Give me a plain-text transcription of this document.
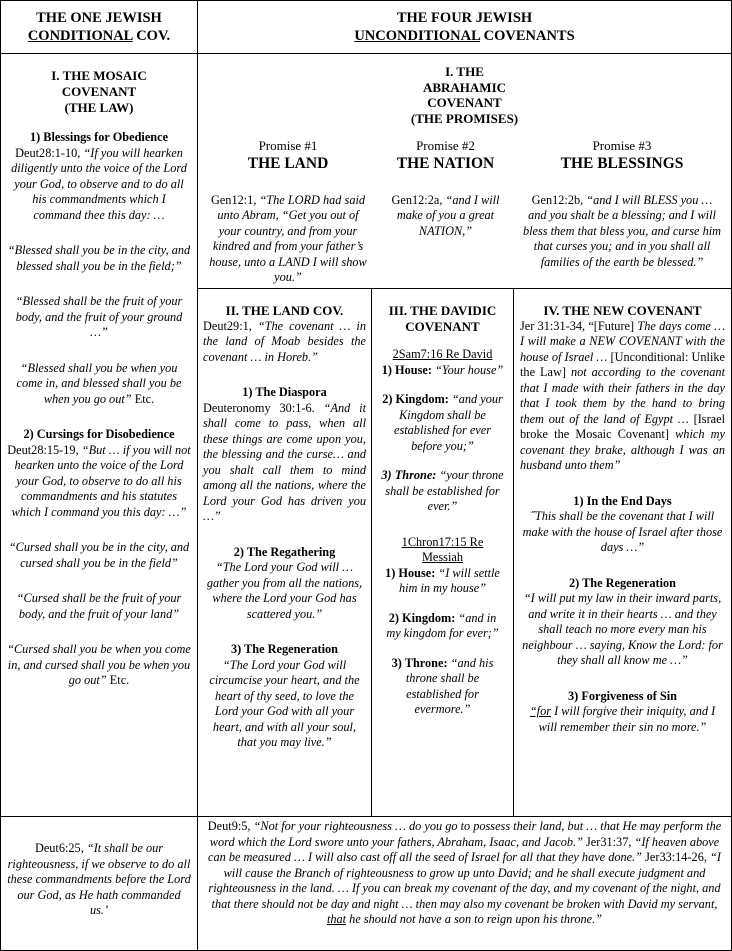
THE ONE JEWISH
CONDITIONAL COV.
THE FOUR JEWISH
UNCONDITIONAL COVENANTS
I. THE MOSAIC
COVENANT
(THE LAW)
1) Blessings for Obedience
Deut28:1-10, “If you will hearken diligently unto the voice of the Lord your God, to observe and to do all his commandments which I command thee this day: …
“Blessed shall you be in the city, and blessed shall you be in the field;”
“Blessed shall be the fruit of your body, and the fruit of your ground …”
“Blessed shall you be when you come in, and blessed shall you be when you go out” Etc.
2) Cursings for Disobedience
Deut28:15-19, “But … if you will not hearken unto the voice of the Lord your God, to observe to do all his commandments and his statutes which I command you this day: …”
“Cursed shall you be in the city, and cursed shall you be in the field”
“Cursed shall be the fruit of your body, and the fruit of your land”
“Cursed shall you be when you come in, and cursed shall you be when you go out” Etc.
I. THE
ABRAHAMIC
COVENANT
(THE PROMISES)
Promise #1
THE LAND
Gen12:1, “The LORD had said unto Abram, “Get you out of your country, and from your kindred and from your father’s house, unto a LAND I will show you.”
Promise #2
THE NATION
Gen12:2a, “and I will make of you a great NATION,”
Promise #3
THE BLESSINGS
Gen12:2b, “and I will BLESS you … and you shalt be a blessing; and I will bless them that bless you, and curse him that curses you; and in you shall all families of the earth be blessed.”
II. THE LAND COV.
Deut29:1, “The covenant … in the land of Moab besides the covenant … in Horeb.”
1) The Diaspora
Deuteronomy 30:1-6. “And it shall come to pass, when all these things are come upon you, the blessing and the curse… and you shalt call them to mind among all the nations, where the Lord your God has driven you …”
2) The Regathering
“The Lord your God will … gather you from all the nations, where the Lord your God has scattered you.”
3) The Regeneration
“The Lord your God will circumcise your heart, and the heart of thy seed, to love the Lord your God with all your heart, and with all your soul, that you may live.”
III. THE DAVIDIC
COVENANT
2Sam7:16 Re David
1) House: “Your house”
2) Kingdom: “and your Kingdom shall be established for ever before you;”
3) Throne: “your throne shall be established for ever.”
1Chron17:15 Re Messiah
1) House: “I will settle him in my house”
2) Kingdom: “and in my kingdom for ever;”
3) Throne: “and his throne shall be established for evermore.”
IV. THE NEW COVENANT
Jer 31:31-34, “[Future] The days come … I will make a NEW COVENANT with the house of Israel … [Unconditional: Unlike the Law] not according to the covenant that I made with their fathers in the day that I took them by the hand to bring them out of the land of Egypt … [Israel broke the Mosaic Covenant] which my covenant they brake, although I was an husband unto them”
1) In the End Days
˝This shall be the covenant that I will make with the house of Israel after those days …”
2) The Regeneration
“I will put my law in their inward parts, and write it in their hearts … and they shall teach no more every man his neighbour … saying, Know the Lord: for they shall all know me …”
3) Forgiveness of Sin
“for I will forgive their iniquity, and I will remember their sin no more.”
Deut6:25, “It shall be our righteousness, if we observe to do all these commandments before the Lord our God, as He hath commanded us.’
Deut9:5, “Not for your righteousness … do you go to possess their land, but … that He may perform the word which the Lord swore unto your fathers, Abraham, Isaac, and Jacob.” Jer31:37, “If heaven above can be measured … I will also cast off all the seed of Israel for all that they have done.” Jer33:14-26, “I will cause the Branch of righteousness to grow up unto David; and he shall execute judgment and righteousness in the land. … If you can break my covenant of the day, and my covenant of the night, and that there should not be day and night … then may also my covenant be broken with David my servant, that he should not have a son to reign upon his throne.”
